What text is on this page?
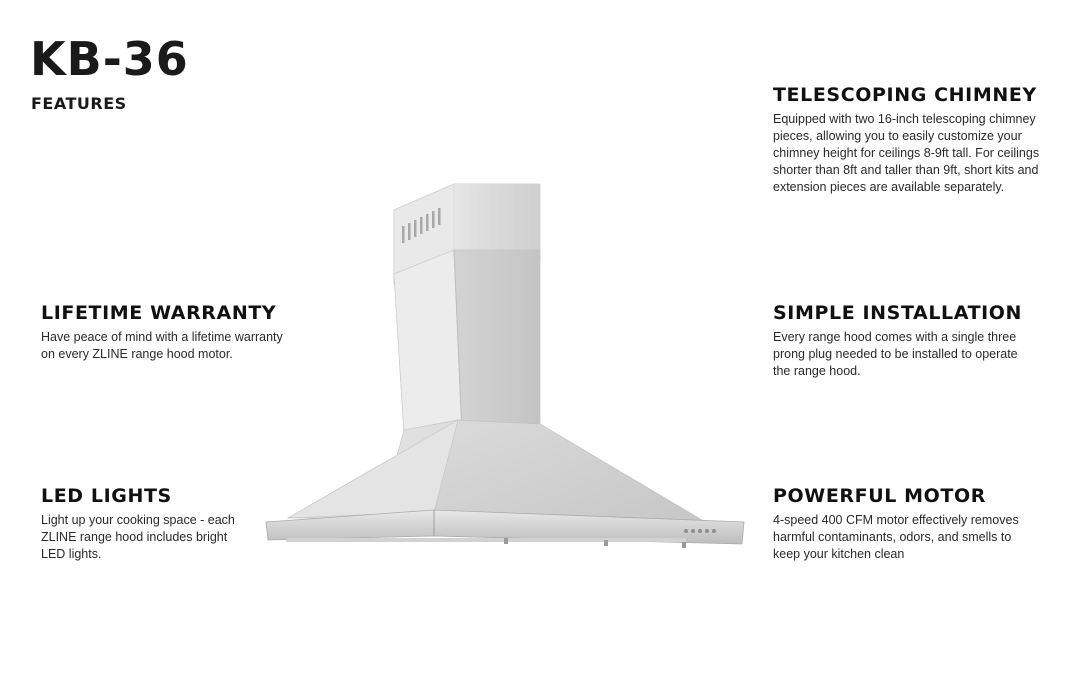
KB-36
FEATURES	TELESCOPING CHIMNEY

Equipped with two 16-inch telescoping chimney pieces, allowing you to easily customize your chimney height for ceilings 8-9ft tall. For ceilings shorter than 8ft and taller than 9ft, short kits and extension pieces are available separately.

LIFETIME WARRANTY

Have peace of mind with a lifetime warranty on every ZLINE range hood motor.

SIMPLE INSTALLATION

Every range hood comes with a single three prong plug needed to be installed to operate the range hood.

LED LIGHTS

Light up your cooking space - each ZLINE range hood includes bright LED lights.

POWERFUL MOTOR

4-speed 400 CFM motor effectively removes harmful contaminants, odors, and smells to keep your kitchen clean
